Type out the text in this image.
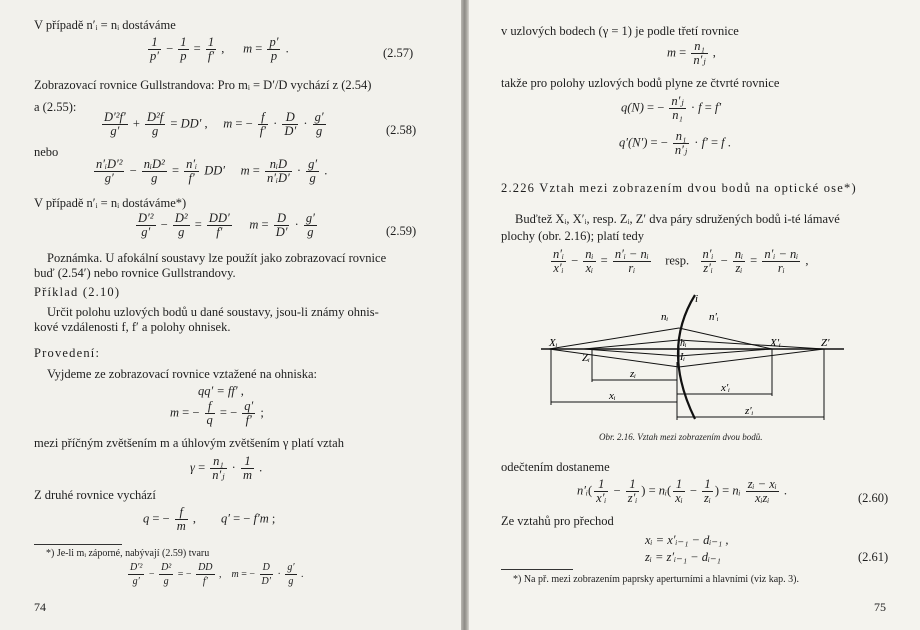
V případě n′ᵢ = nᵢ dostáváme
$\frac{1}{p'} - \frac{1}{p} = \frac{1}{f'}$ ,      $m = \frac{p'}{p}$ .	(2.57)
Zobrazovací rovnice Gullstrandova: Pro mᵢ = D′/D vychází z (2.54)
a (2.55):
$\frac{\text{D′²f′}}{g'} + \frac{\text{D²f}}{g} = DD'$ ,     m = − $\frac{f}{f'} \cdot \frac{D}{D'} \cdot \frac{g'}{g}$	(2.58)
nebo
$\frac{\text{n′ᵢD′²}}{g'} - \frac{\text{nᵢD²}}{g} = \frac{\text{n′ᵢ}}{f'} DD'$ $m = \frac{\text{nᵢD}}{\text{n′ᵢD′}} \cdot \frac{g'}{g}$ .
V případě n′ᵢ = nᵢ dostáváme*)
$\frac{\text{D′²}}{g'} - \frac{\text{D²}}{g} = \frac{DD'}{f'}$ $m = \frac{D}{D'} \cdot \frac{g'}{g}$	(2.59)
Poznámka. U afokální soustavy lze použít jako zobrazovací rovnice
buď (2.54′) nebo rovnice Gullstrandovy.
Příklad (2.10)
Určit polohu uzlových bodů u dané soustavy, jsou-li známy ohnis-
kové vzdálenosti f, f′ a polohy ohnisek.
Provedení:
Vyjdeme ze zobrazovací rovnice vztažené na ohniska:
qq′ = ff′ ,
m = − $\frac{f}{q}$ = − $\frac{q'}{f'}$ ;
mezi příčným zvětšením m a úhlovým zvětšením γ platí vztah
$\gamma = \frac{\text{n₁}}{\text{n′ⱼ}} \cdot \frac{1}{m}$ .
Z druhé rovnice vychází
q = − $\frac{f}{m}$ ,        q′ = − f′m ;
*) Je-li mᵢ záporné, nabývají (2.59) tvaru
$\frac{\text{D′²}}{g'} - \frac{\text{D²}}{g}$ = − $\frac{DD}{f'}$ ,    m = − $\frac{D}{D'} \cdot \frac{g'}{g}$ .
74
v uzlových bodech (γ = 1) je podle třetí rovnice
$m = \frac{\text{n₁}}{\text{n′ⱼ}}$ ,
takže pro polohy uzlových bodů plyne ze čtvrté rovnice
q(N) = − $\frac{\text{n′ⱼ}}{\text{n₁}} \cdot f = f'$
q′(N′) = − $\frac{\text{n₁}}{\text{n′ⱼ}} \cdot f' = f$ .
2.226 Vztah mezi zobrazením dvou bodů na optické ose*)
Buďtež Xᵢ, X′ᵢ, resp. Zᵢ, Z′ dva páry sdružených bodů i-té lámavé
plochy (obr. 2.16); platí tedy
$\frac{\text{n′ᵢ}}{\text{x′ᵢ}} - \frac{\text{nᵢ}}{\text{xᵢ}} = \frac{\text{n′ᵢ − nᵢ}}{\text{rᵢ}}$ resp. $\frac{\text{n′ᵢ}}{\text{z′ᵢ}} - \frac{\text{nᵢ}}{\text{zᵢ}} = \frac{\text{n′ᵢ − nᵢ}}{\text{rᵢ}}$ ,
i
nᵢ	n′ᵢ
Xᵢ
Zᵢ
hᵢ
Iᵢ
X′ᵢ	Z′
zᵢ
xᵢ
x′ᵢ
z′ᵢ
Obr. 2.16. Vztah mezi zobrazením dvou bodů.
odečtením dostaneme
n′ᵢ( $\frac{1}{\text{x′ᵢ}} - \frac{1}{\text{z′ᵢ}}$ ) = nᵢ( $\frac{1}{\text{xᵢ}} - \frac{1}{\text{zᵢ}}$ ) = nᵢ $\frac{\text{zᵢ − xᵢ}}{\text{xᵢzᵢ}}$ .
(2.60)
Ze vztahů pro přechod
xᵢ = x′ᵢ₋₁ − dᵢ₋₁ ,
zᵢ = z′ᵢ₋₁ − dᵢ₋₁	(2.61)
*) Na př. mezi zobrazením paprsky aperturními a hlavními (viz kap. 3).
75
